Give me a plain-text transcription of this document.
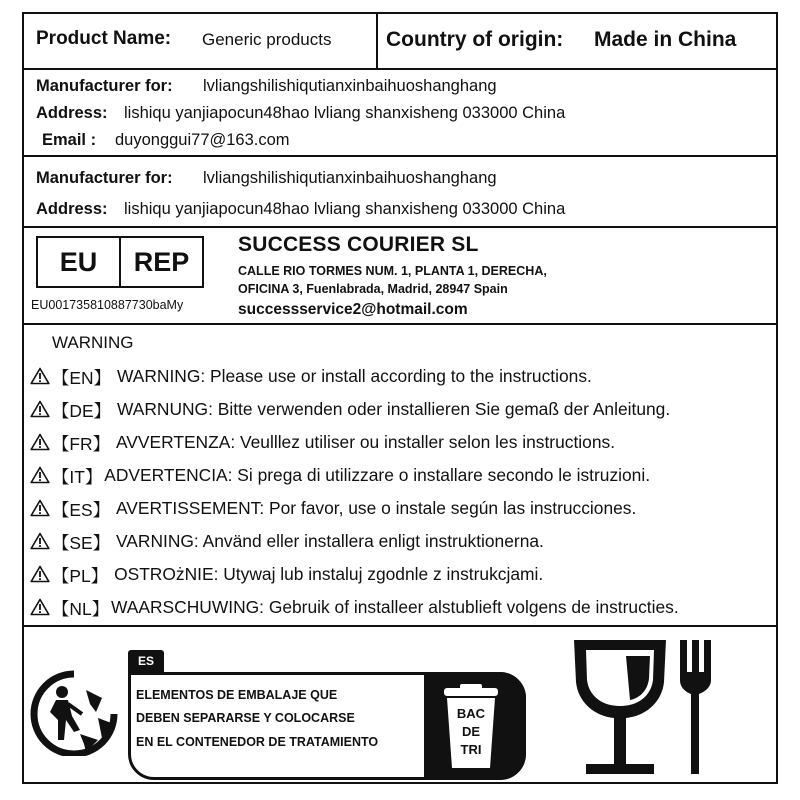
Product Name: Generic products	Country of origin: Made in China
Manufacturer for: lvliangshilishiqutianxinbaihuoshanghang
Address: lishiqu yanjiapocun48hao lvliang shanxisheng 033000 China
Email : duyonggui77@163.com
Manufacturer for: lvliangshilishiqutianxinbaihuoshanghang
Address: lishiqu yanjiapocun48hao lvliang shanxisheng 033000 China
EU	REP
EU001735810887730baMy
SUCCESS COURIER SL
CALLE RIO TORMES NUM. 1, PLANTA 1, DERECHA,
OFICINA 3, Fuenlabrada, Madrid, 28947 Spain
successservice2@hotmail.com
WARNING
【EN】 WARNING: Please use or install according to the instructions.
【DE】 WARNUNG: Bitte verwenden oder installieren Sie gemaß der Anleitung.
【FR】 AVVERTENZA: Veulllez utiliser ou installer selon les instructions.
【IT】 ADVERTENCIA: Si prega di utilizzare o installare secondo le istruzioni.
【ES】 AVERTISSEMENT: Por favor, use o instale según las instrucciones.
【SE】 VARNING: Använd eller installera enligt instruktionerna.
【PL】 OSTROżNIE: Utywaj lub instaluj zgodnle z instrukcjami.
【NL】 WAARSCHUWING: Gebruik of installeer alstublieft volgens de instructies.
ES
ELEMENTOS DE EMBALAJE QUE
DEBEN SEPARARSE Y COLOCARSE
EN EL CONTENEDOR DE TRATAMIENTO
BAC
DE
TRI
